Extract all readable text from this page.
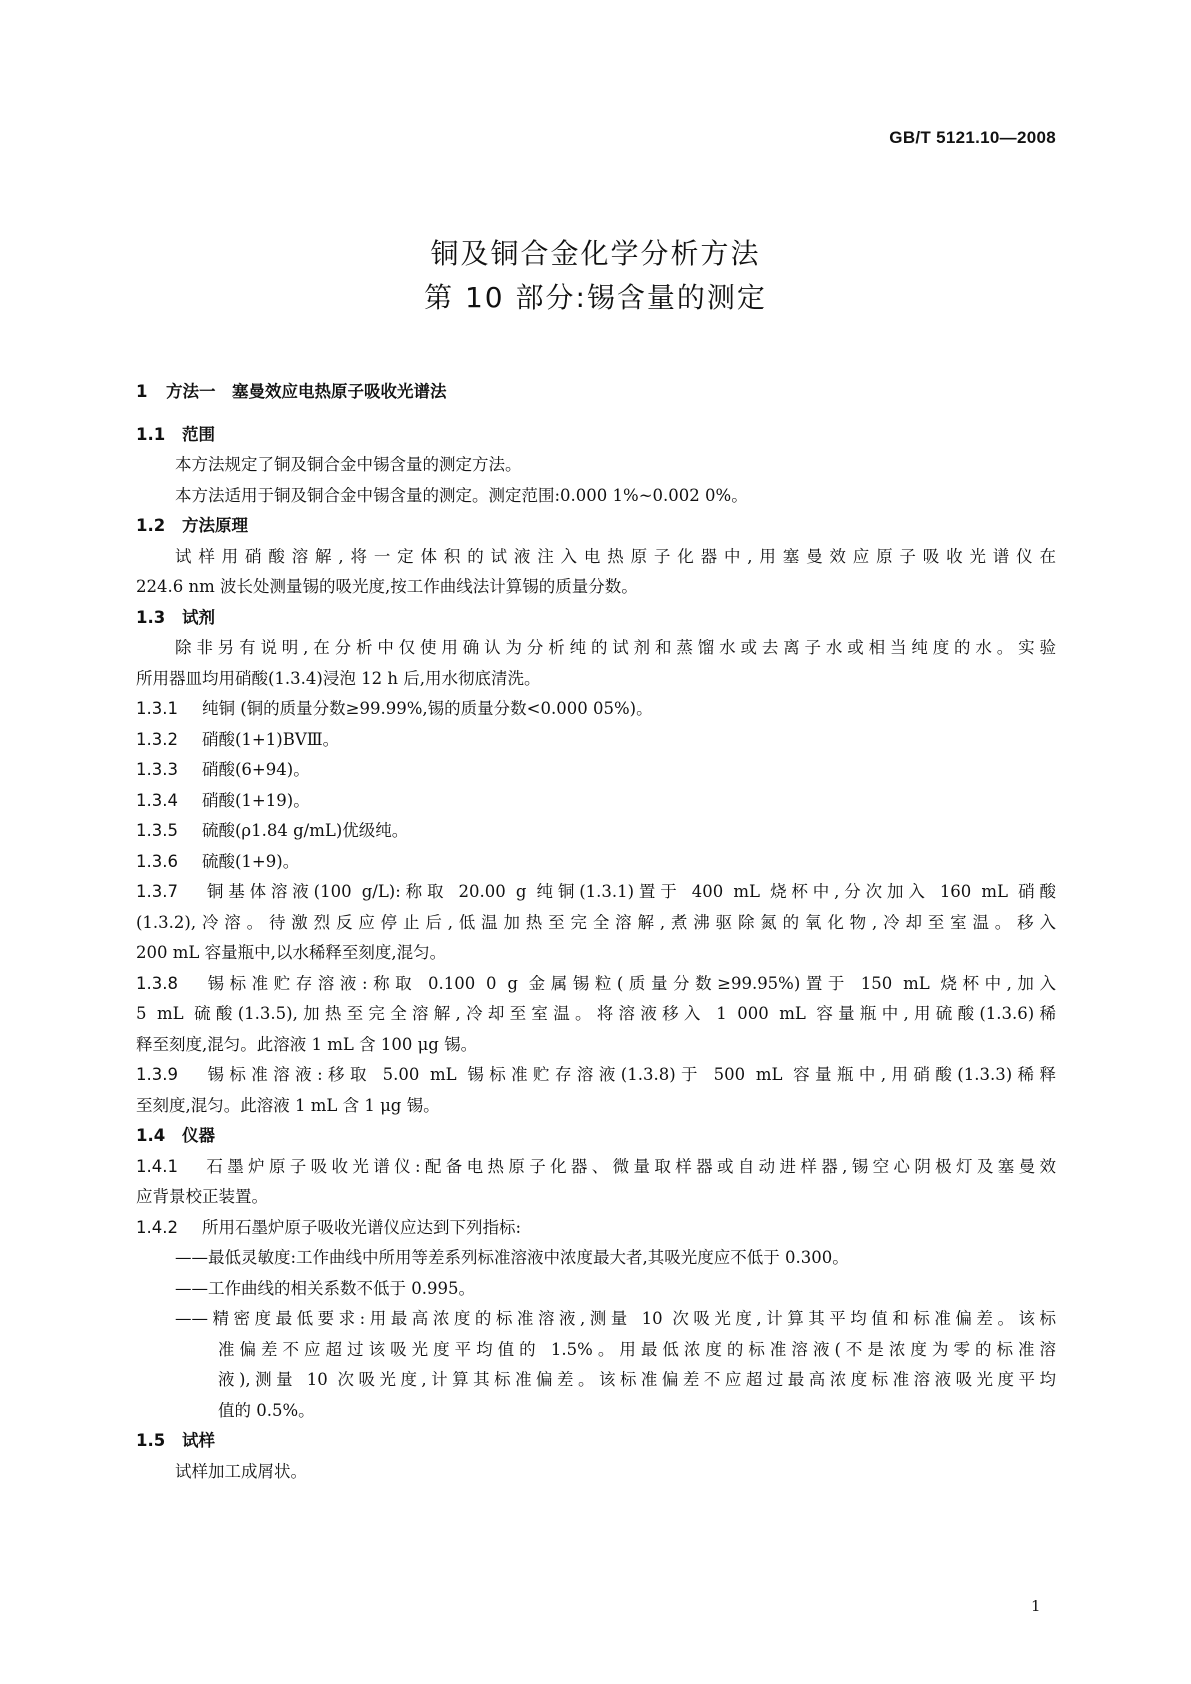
GB/T 5121.10—2008
铜及铜合金化学分析方法
第 10 部分:锡含量的测定
1 方法一　塞曼效应电热原子吸收光谱法
1.1 范围
本方法规定了铜及铜合金中锡含量的测定方法。
本方法适用于铜及铜合金中锡含量的测定。测定范围:0.000 1%~0.002 0%。
1.2 方法原理
试样用硝酸溶解,将一定体积的试液注入电热原子化器中,用塞曼效应原子吸收光谱仪在
224.6 nm 波长处测量锡的吸光度,按工作曲线法计算锡的质量分数。
1.3 试剂
除非另有说明,在分析中仅使用确认为分析纯的试剂和蒸馏水或去离子水或相当纯度的水。实验
所用器皿均用硝酸(1.3.4)浸泡 12 h 后,用水彻底清洗。
1.3.1 纯铜 (铜的质量分数≥99.99%,锡的质量分数<0.000 05%)。
1.3.2 硝酸(1+1)BVⅢ。
1.3.3 硝酸(6+94)。
1.3.4 硝酸(1+19)。
1.3.5 硫酸(ρ1.84 g/mL)优级纯。
1.3.6 硫酸(1+9)。
1.3.7 铜基体溶液(100 g/L):称取 20.00 g 纯铜(1.3.1)置于 400 mL 烧杯中,分次加入 160 mL 硝酸
(1.3.2),冷溶。待激烈反应停止后,低温加热至完全溶解,煮沸驱除氮的氧化物,冷却至室温。移入
200 mL 容量瓶中,以水稀释至刻度,混匀。
1.3.8 锡标准贮存溶液:称取 0.100 0 g 金属锡粒(质量分数≥99.95%)置于 150 mL 烧杯中,加入
5 mL 硫酸(1.3.5),加热至完全溶解,冷却至室温。将溶液移入 1 000 mL 容量瓶中,用硫酸(1.3.6)稀
释至刻度,混匀。此溶液 1 mL 含 100 μg 锡。
1.3.9 锡标准溶液:移取 5.00 mL 锡标准贮存溶液(1.3.8)于 500 mL 容量瓶中,用硝酸(1.3.3)稀释
至刻度,混匀。此溶液 1 mL 含 1 μg 锡。
1.4 仪器
1.4.1 石墨炉原子吸收光谱仪:配备电热原子化器、微量取样器或自动进样器,锡空心阴极灯及塞曼效
应背景校正装置。
1.4.2 所用石墨炉原子吸收光谱仪应达到下列指标:
——最低灵敏度:工作曲线中所用等差系列标准溶液中浓度最大者,其吸光度应不低于 0.300。
——工作曲线的相关系数不低于 0.995。
——精密度最低要求:用最高浓度的标准溶液,测量 10 次吸光度,计算其平均值和标准偏差。该标
准偏差不应超过该吸光度平均值的 1.5%。用最低浓度的标准溶液(不是浓度为零的标准溶
液),测量 10 次吸光度,计算其标准偏差。该标准偏差不应超过最高浓度标准溶液吸光度平均
值的 0.5%。
1.5 试样
试样加工成屑状。
1
